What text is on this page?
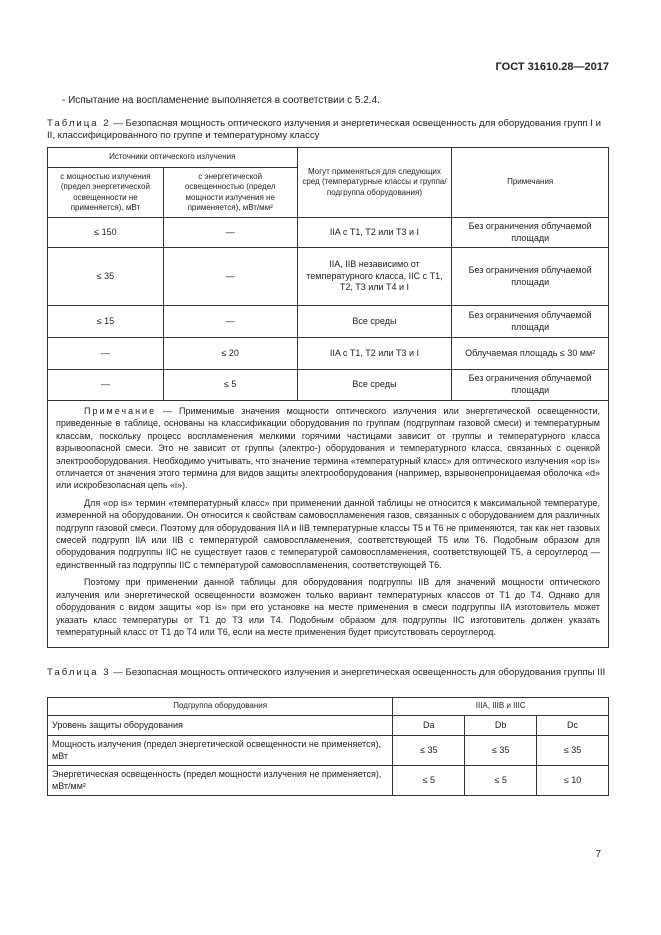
ГОСТ 31610.28—2017
- Испытание на воспламенение выполняется в соответствии с 5.2.4.
Таблица 2 — Безопасная мощность оптического излучения и энергетическая освещенность для оборудования групп I и II, классифицированного по группе и температурному классу
Источники оптического излучения		Могут применяться для следующих сред (температурные классы и группа/подгруппа оборудования)	Примечания
с мощностью излучения (предел энергетической освещенности не применяется), мВт	с энергетической освещенностью (предел мощности излучения не применяется), мВт/мм²		
≤ 150	—	IIA с T1, T2 или T3 и I	Без ограничения облучаемой площади
≤ 35	—	IIA, IIB независимо от температурного класса, IIC с T1, T2, T3 или T4 и I	Без ограничения облучаемой площади
≤ 15	—	Все среды	Без ограничения облучаемой площади
—	≤ 20	IIA с T1, T2 или T3 и I	Облучаемая площадь ≤ 30 мм²
—	≤ 5	Все среды	Без ограничения облучаемой площади

Примечание — Применимые значения мощности оптического излучения или энергетической освещенности, приведенные в таблице, основаны на классификации оборудования по группам (подгруппам газовой смеси) и температурным классам, поскольку процесс воспламенения мелкими горячими частицами зависит от группы и температурного класса взрывоопасной смеси. Это не зависит от группы (электро-) оборудования и температурного класса, связанных с оценкой электрооборудования. Необходимо учитывать, что значение термина «температурный класс» для оптического излучения «op is» отличается от значения этого термина для видов защиты электрооборудования (например, взрывонепроницаемая оболочка «d» или искробезопасная цепь «i»).

Для «op is» термин «температурный класс» при применении данной таблицы не относится к максимальной температуре, измеренной на оборудовании. Он относится к свойствам самовоспламенения газов, связанных с оборудованием для различных подгрупп газовой смеси. Поэтому для оборудования IIA и IIB температурные классы T5 и T6 не применяются, так как нет газовых смесей подгрупп IIA или IIB с температурой самовоспламенения, соответствующей T5 или T6. Подобным образом для оборудования подгруппы IIC не существует газов с температурой самовоспламенения, соответствующей T5, а сероуглерод — единственный газ подгруппы IIC с температурой самовоспламенения, соответствующей T6.

Поэтому при применении данной таблицы для оборудования подгруппы IIB для значений мощности оптического излучения или энергетической освещенности возможен только вариант температурных классов от T1 до T4. Однако для оборудования с видом защиты «op is» при его установке на месте применения в смеси подгруппы IIA изготовитель может указать класс температуры от T1 до T3 или T4. Подобным образом для подгруппы IIC изготовитель должен указать температурный класс от T1 до T4 или T6, если на месте применения будет присутствовать сероуглерод.			

Таблица 3 — Безопасная мощность оптического излучения и энергетическая освещенность для оборудования группы III
Подгруппа оборудования	IIIA, IIIB и IIIC		
Уровень защиты оборудования	Da	Db	Dc
Мощность излучения (предел энергетической освещенности не применяется), мВт	≤ 35	≤ 35	≤ 35
Энергетическая освещенность (предел мощности излучения не применяется), мВт/мм²	≤ 5	≤ 5	≤ 10
7
